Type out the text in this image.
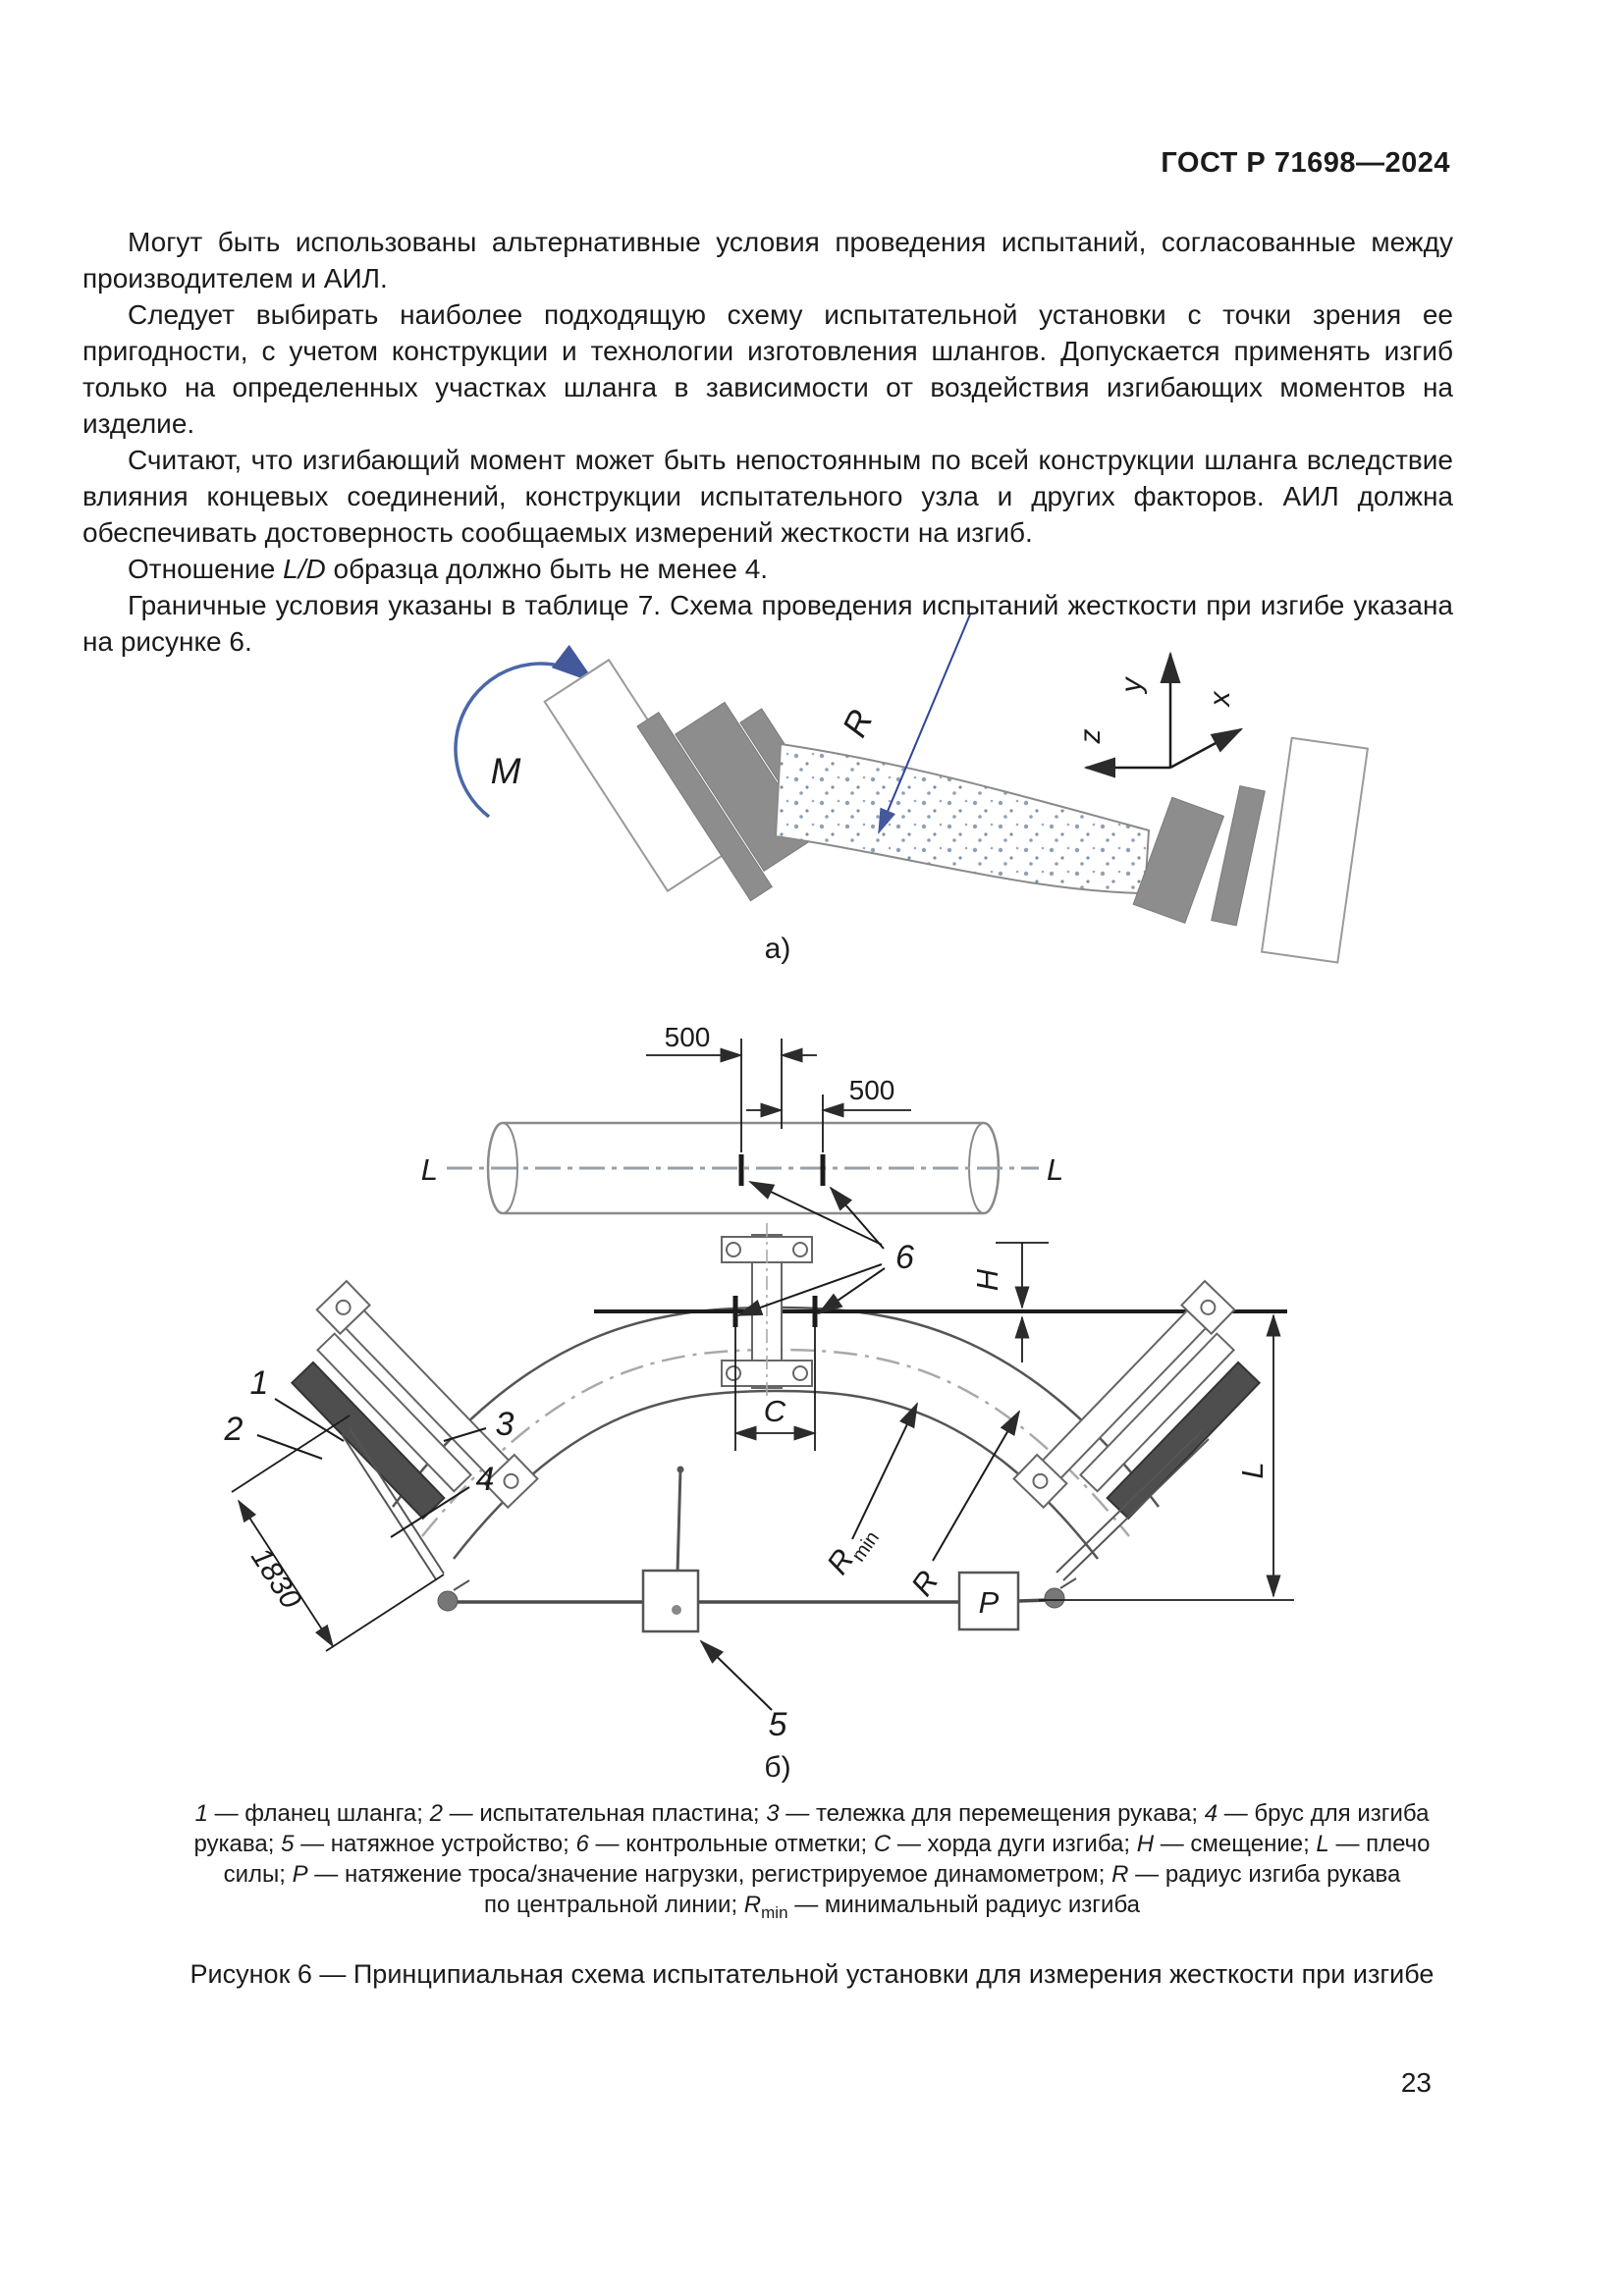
ГОСТ Р 71698—2024

Могут быть использованы альтернативные условия проведения испытаний, согласованные между производителем и АИЛ.

Следует выбирать наиболее подходящую схему испытательной установки с точки зрения ее пригодности, с учетом конструкции и технологии изготовления шлангов. Допускается применять изгиб только на определенных участках шланга в зависимости от воздействия изгибающих моментов на изделие.

Считают, что изгибающий момент может быть непостоянным по всей конструкции шланга вследствие влияния концевых соединений, конструкции испытательного узла и других факторов. АИЛ должна обеспечивать достоверность сообщаемых измерений жесткости на изгиб.

Отношение L/D образца должно быть не менее 4.

Граничные условия указаны в таблице 7. Схема проведения испытаний жесткости при изгибе указана на рисунке 6.

M
R
y
x
z
а)
L	L
500
500
6
C
$R_{min}$
R
1830
5
P
L
H
1
2	3
4
б)
1 — фланец шланга; 2 — испытательная пластина; 3 — тележка для перемещения рукава; 4 — брус для изгиба
рукава; 5 — натяжное устройство; 6 — контрольные отметки; C — хорда дуги изгиба; H — смещение; L — плечо
силы; P — натяжение троса/значение нагрузки, регистрируемое динамометром; R — радиус изгиба рукава
по центральной линии; $R_{min}$ — минимальный радиус изгиба
Рисунок 6 — Принципиальная схема испытательной установки для измерения жесткости при изгибе
23
